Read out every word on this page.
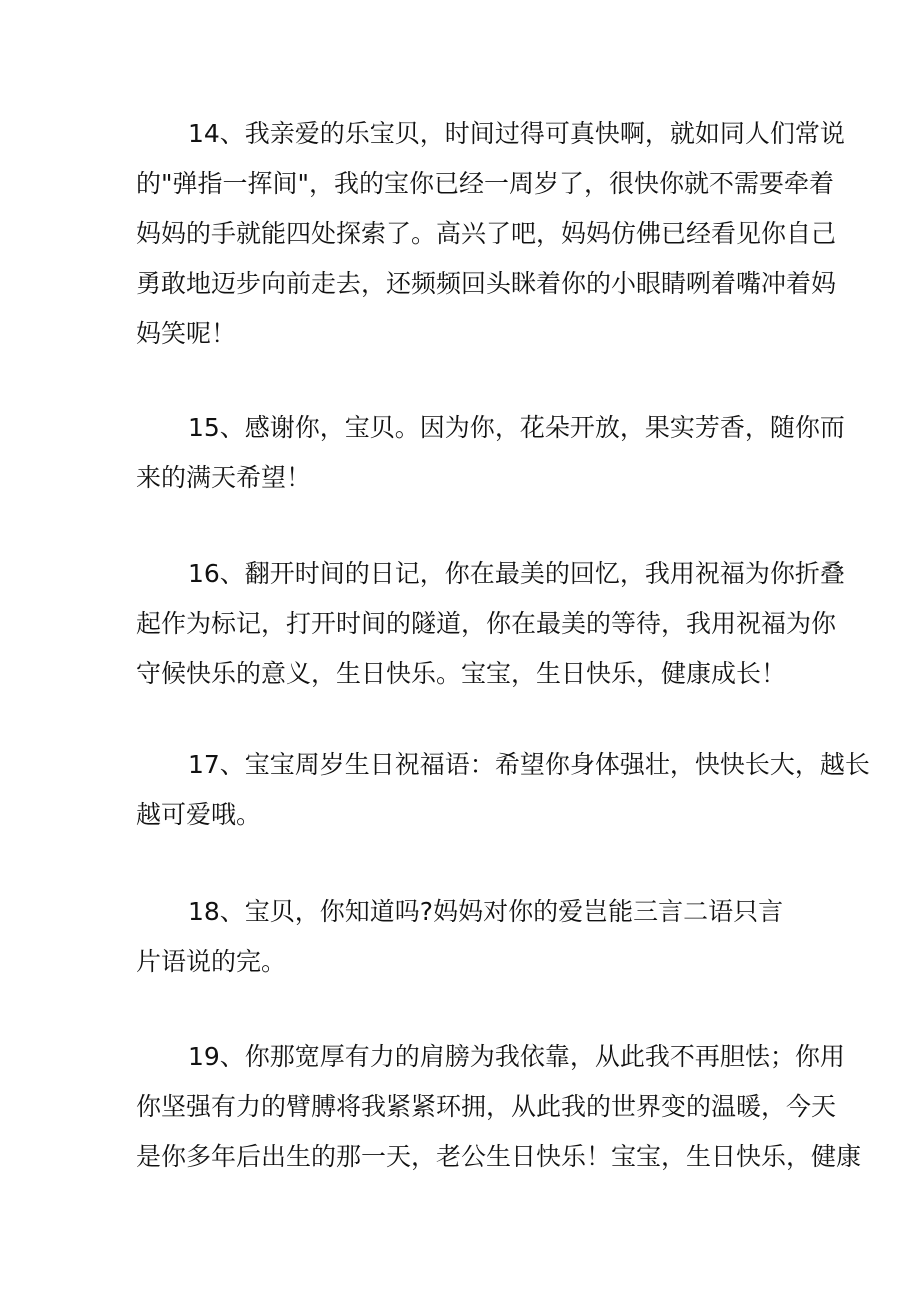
14、我亲爱的乐宝贝，时间过得可真快啊，就如同人们常说
的"弹指一挥间"，我的宝你已经一周岁了，很快你就不需要牵着
妈妈的手就能四处探索了。高兴了吧，妈妈仿佛已经看见你自己
勇敢地迈步向前走去，还频频回头眯着你的小眼睛咧着嘴冲着妈
妈笑呢！

15、感谢你，宝贝。因为你，花朵开放，果实芳香，随你而
来的满天希望！

16、翻开时间的日记，你在最美的回忆，我用祝福为你折叠
起作为标记，打开时间的隧道，你在最美的等待，我用祝福为你
守候快乐的意义，生日快乐。宝宝，生日快乐，健康成长！

17、宝宝周岁生日祝福语：希望你身体强壮，快快长大，越长
越可爱哦。

18、宝贝，你知道吗?妈妈对你的爱岂能三言二语只言
片语说的完。

19、你那宽厚有力的肩膀为我依靠，从此我不再胆怯；你用
你坚强有力的臂膊将我紧紧环拥，从此我的世界变的温暖，今天
是你多年后出生的那一天，老公生日快乐！宝宝，生日快乐，健康
